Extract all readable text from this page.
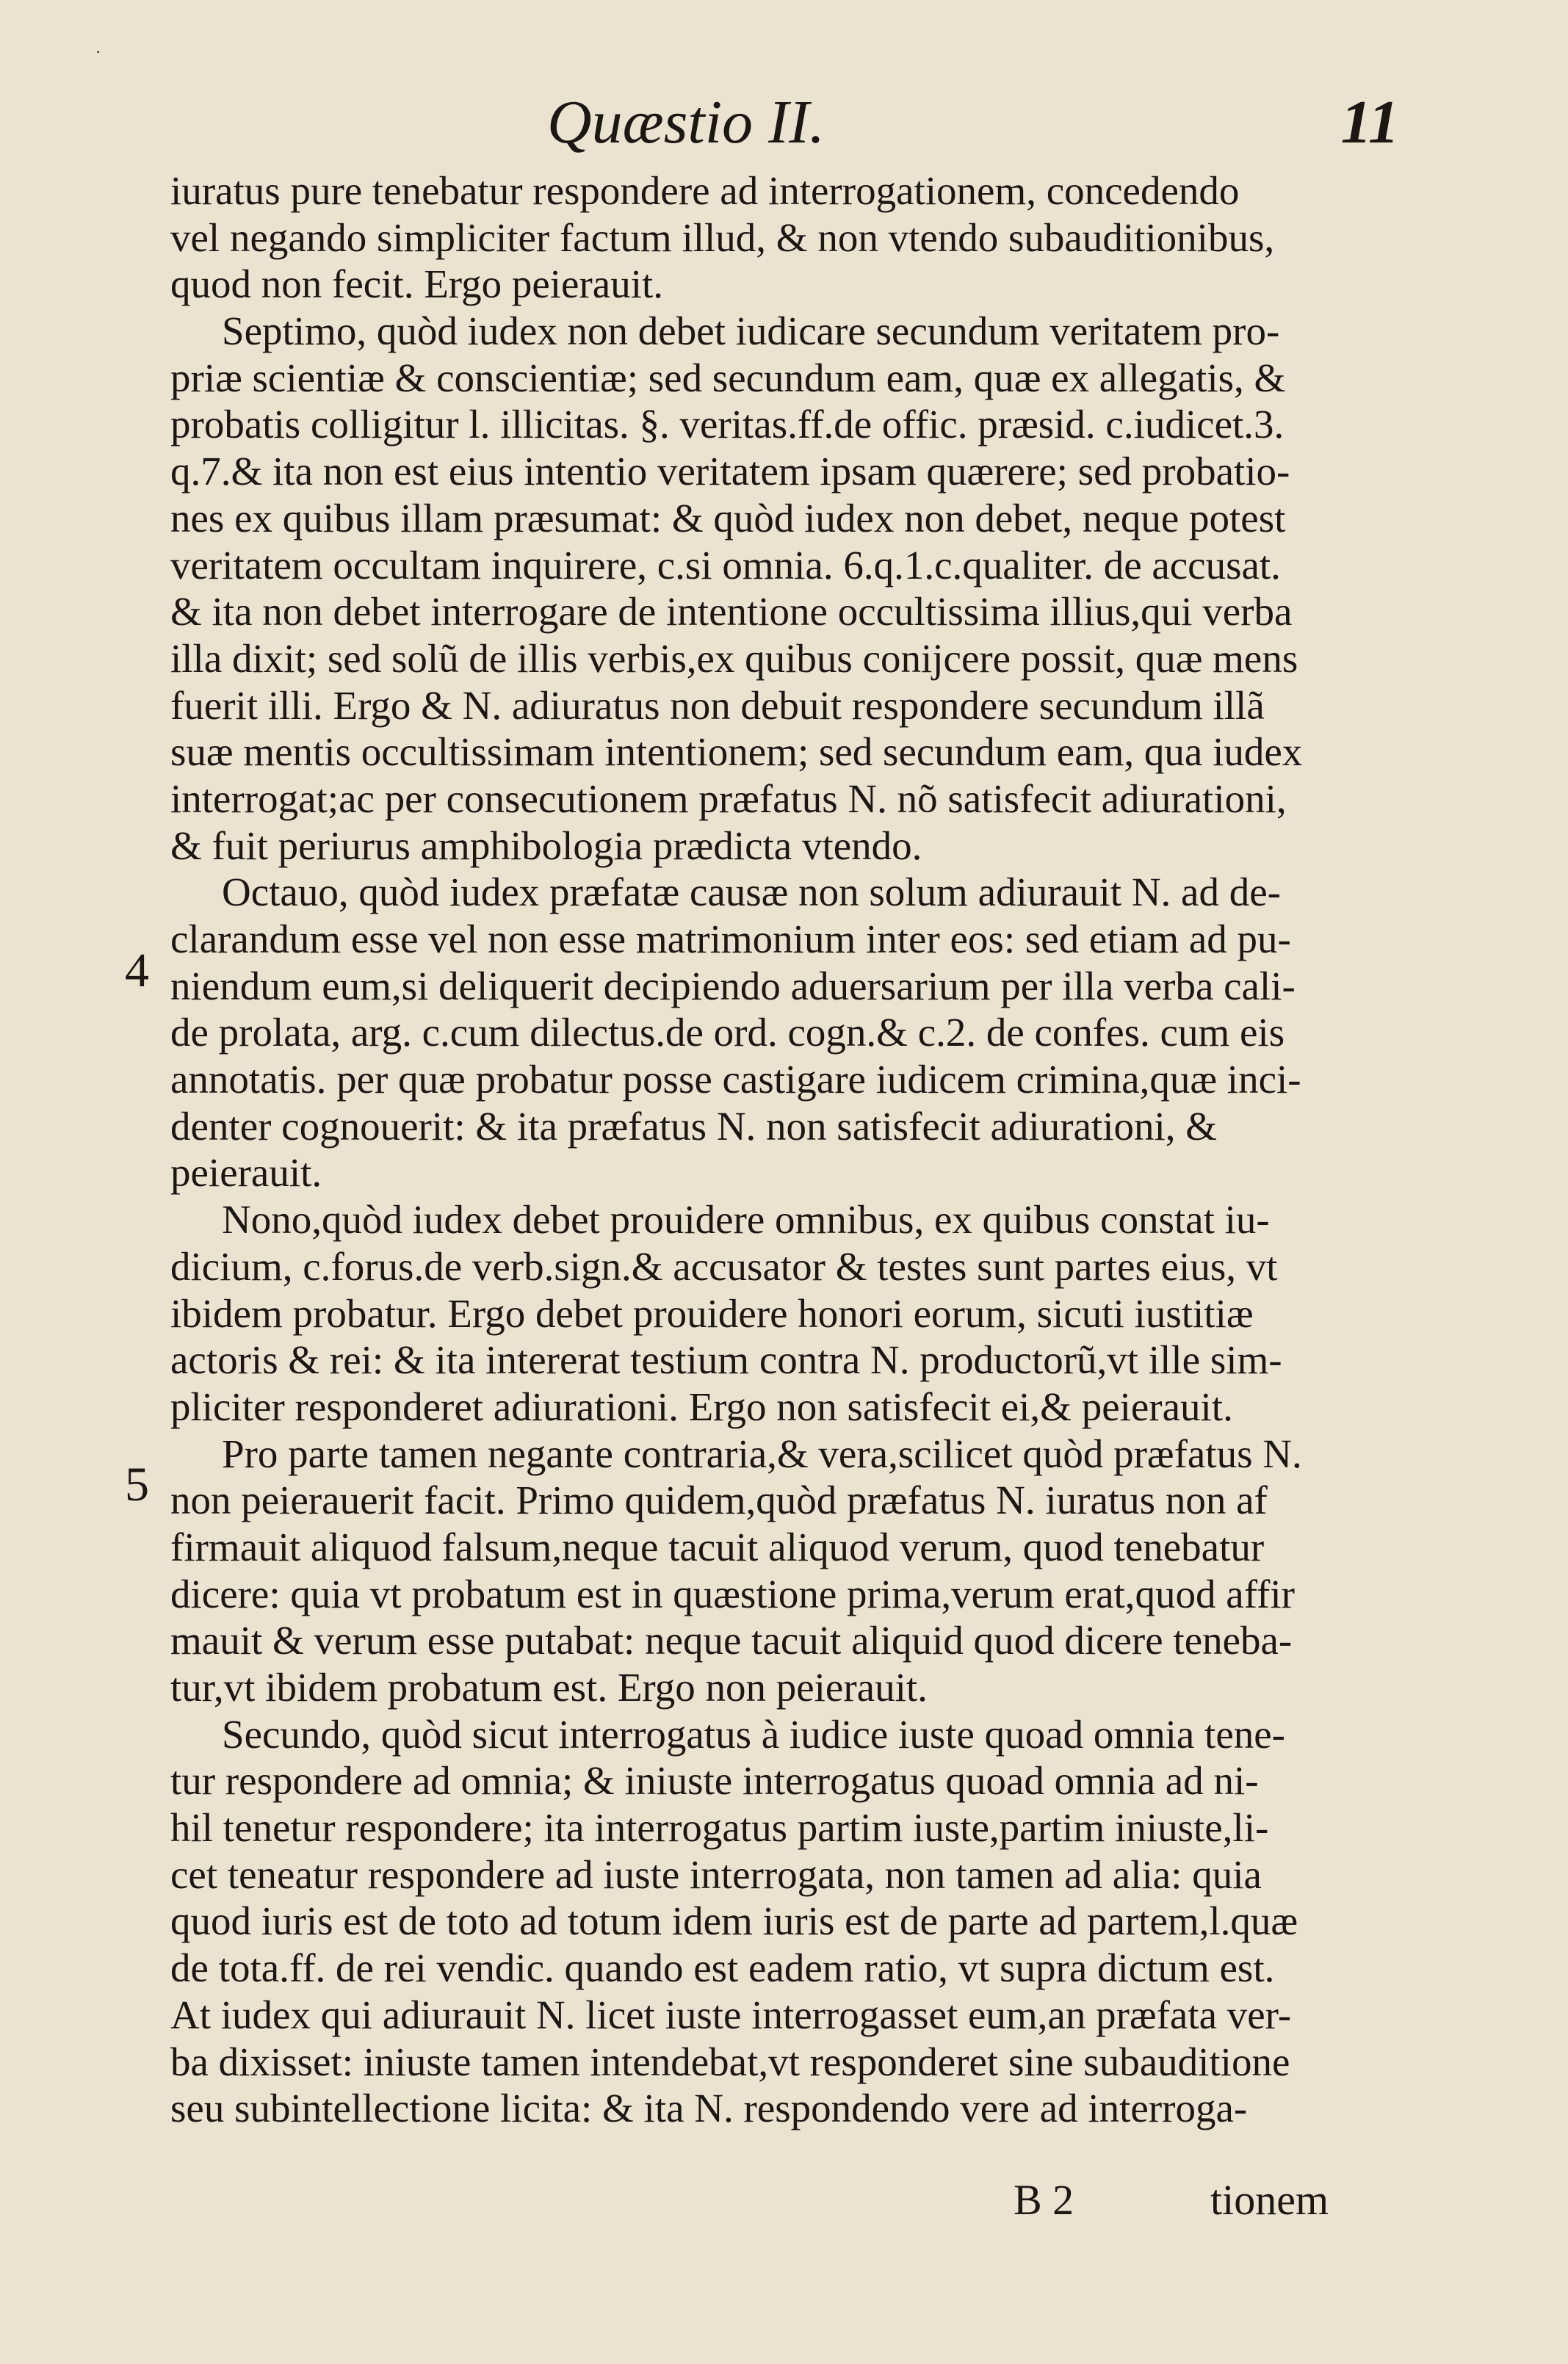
·
Quæstio II.	11
4
5
iuratus pure tenebatur respondere ad interrogationem, concedendo
vel negando simpliciter factum illud, & non vtendo subauditionibus,
quod non fecit. Ergo peierauit.
Septimo, quòd iudex non debet iudicare secundum veritatem pro-
priæ scientiæ & conscientiæ; sed secundum eam, quæ ex allegatis, &
probatis colligitur l. illicitas. §. veritas.ff.de offic. præsid. c.iudicet.3.
q.7.& ita non est eius intentio veritatem ipsam quærere; sed probatio-
nes ex quibus illam præsumat: & quòd iudex non debet, neque potest
veritatem occultam inquirere, c.si omnia. 6.q.1.c.qualiter. de accusat.
& ita non debet interrogare de intentione occultissima illius,qui verba
illa dixit; sed solũ de illis verbis,ex quibus conijcere possit, quæ mens
fuerit illi. Ergo & N. adiuratus non debuit respondere secundum illã
suæ mentis occultissimam intentionem; sed secundum eam, qua iudex
interrogat;ac per consecutionem præfatus N. nõ satisfecit adiurationi,
& fuit periurus amphibologia prædicta vtendo.
Octauo, quòd iudex præfatæ causæ non solum adiurauit N. ad de-
clarandum esse vel non esse matrimonium inter eos: sed etiam ad pu-
niendum eum,si deliquerit decipiendo aduersarium per illa verba cali-
de prolata, arg. c.cum dilectus.de ord. cogn.& c.2. de confes. cum eis
annotatis. per quæ probatur posse castigare iudicem crimina,quæ inci-
denter cognouerit: & ita præfatus N. non satisfecit adiurationi, &
peierauit.
Nono,quòd iudex debet prouidere omnibus, ex quibus constat iu-
dicium, c.forus.de verb.sign.& accusator & testes sunt partes eius, vt
ibidem probatur. Ergo debet prouidere honori eorum, sicuti iustitiæ
actoris & rei: & ita intererat testium contra N. productorũ,vt ille sim-
pliciter responderet adiurationi. Ergo non satisfecit ei,& peierauit.
Pro parte tamen negante contraria,& vera,scilicet quòd præfatus N.
non peierauerit facit. Primo quidem,quòd præfatus N. iuratus non af
firmauit aliquod falsum,neque tacuit aliquod verum, quod tenebatur
dicere: quia vt probatum est in quæstione prima,verum erat,quod affir
mauit & verum esse putabat: neque tacuit aliquid quod dicere teneba-
tur,vt ibidem probatum est. Ergo non peierauit.
Secundo, quòd sicut interrogatus à iudice iuste quoad omnia tene-
tur respondere ad omnia; & iniuste interrogatus quoad omnia ad ni-
hil tenetur respondere; ita interrogatus partim iuste,partim iniuste,li-
cet teneatur respondere ad iuste interrogata, non tamen ad alia: quia
quod iuris est de toto ad totum idem iuris est de parte ad partem,l.quæ
de tota.ff. de rei vendic. quando est eadem ratio, vt supra dictum est.
At iudex qui adiurauit N. licet iuste interrogasset eum,an præfata ver-
ba dixisset: iniuste tamen intendebat,vt responderet sine subauditione
seu subintellectione licita: & ita N. respondendo vere ad interroga-
B 2	tionem
